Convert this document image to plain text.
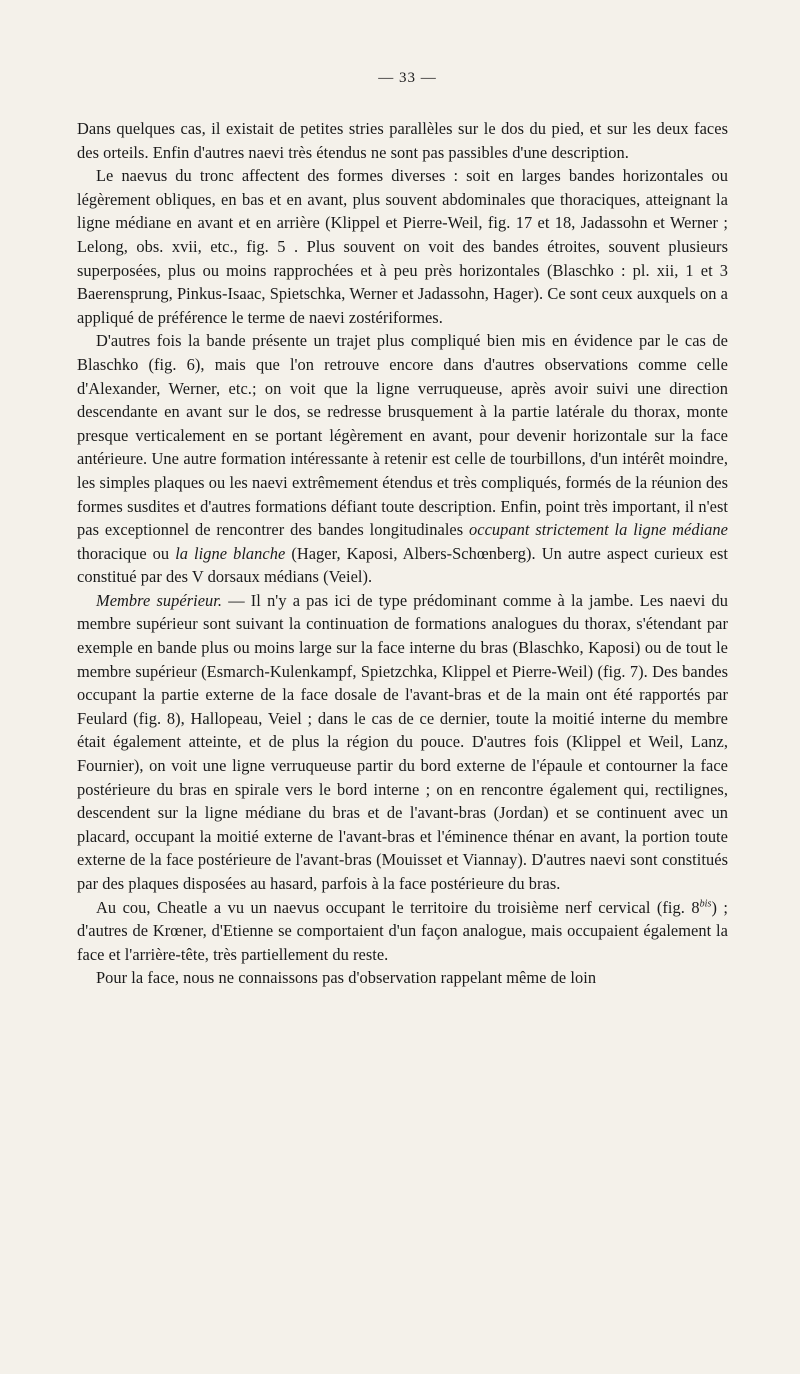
— 33 —

Dans quelques cas, il existait de petites stries parallèles sur le dos du pied, et sur les deux faces des orteils. Enfin d'autres naevi très étendus ne sont pas passibles d'une description.

Le naevus du tronc affectent des formes diverses : soit en larges bandes horizontales ou légèrement obliques, en bas et en avant, plus souvent abdominales que thoraciques, atteignant la ligne médiane en avant et en arrière (Klippel et Pierre-Weil, fig. 17 et 18, Jadassohn et Werner ; Lelong, obs. xvii, etc., fig. 5 . Plus souvent on voit des bandes étroites, souvent plusieurs superposées, plus ou moins rapprochées et à peu près horizontales (Blaschko : pl. xii, 1 et 3 Baerensprung, Pinkus-Isaac, Spietschka, Werner et Jadassohn, Hager). Ce sont ceux auxquels on a appliqué de préférence le terme de naevi zostériformes.

D'autres fois la bande présente un trajet plus compliqué bien mis en évidence par le cas de Blaschko (fig. 6), mais que l'on retrouve encore dans d'autres observations comme celle d'Alexander, Werner, etc.; on voit que la ligne verruqueuse, après avoir suivi une direction descendante en avant sur le dos, se redresse brusquement à la partie latérale du thorax, monte presque verticalement en se portant légèrement en avant, pour devenir horizontale sur la face antérieure. Une autre formation intéressante à retenir est celle de tourbillons, d'un intérêt moindre, les simples plaques ou les naevi extrêmement étendus et très compliqués, formés de la réunion des formes susdites et d'autres formations défiant toute description. Enfin, point très important, il n'est pas exceptionnel de rencontrer des bandes longitudinales occupant strictement la ligne médiane thoracique ou la ligne blanche (Hager, Kaposi, Albers-Schœnberg). Un autre aspect curieux est constitué par des V dorsaux médians (Veiel).

Membre supérieur. — Il n'y a pas ici de type prédominant comme à la jambe. Les naevi du membre supérieur sont suivant la continuation de formations analogues du thorax, s'étendant par exemple en bande plus ou moins large sur la face interne du bras (Blaschko, Kaposi) ou de tout le membre supérieur (Esmarch-Kulenkampf, Spietzchka, Klippel et Pierre-Weil) (fig. 7). Des bandes occupant la partie externe de la face dosale de l'avant-bras et de la main ont été rapportés par Feulard (fig. 8), Hallopeau, Veiel ; dans le cas de ce dernier, toute la moitié interne du membre était également atteinte, et de plus la région du pouce. D'autres fois (Klippel et Weil, Lanz, Fournier), on voit une ligne verruqueuse partir du bord externe de l'épaule et contourner la face postérieure du bras en spirale vers le bord interne ; on en rencontre également qui, rectilignes, descendent sur la ligne médiane du bras et de l'avant-bras (Jordan) et se continuent avec un placard, occupant la moitié externe de l'avant-bras et l'éminence thénar en avant, la portion toute externe de la face postérieure de l'avant-bras (Mouisset et Viannay). D'autres naevi sont constitués par des plaques disposées au hasard, parfois à la face postérieure du bras.

Au cou, Cheatle a vu un naevus occupant le territoire du troisième nerf cervical (fig. $8^{bis}$) ; d'autres de Krœner, d'Etienne se comportaient d'un façon analogue, mais occupaient également la face et l'arrière-tête, très partiellement du reste.

Pour la face, nous ne connaissons pas d'observation rappelant même de loin
